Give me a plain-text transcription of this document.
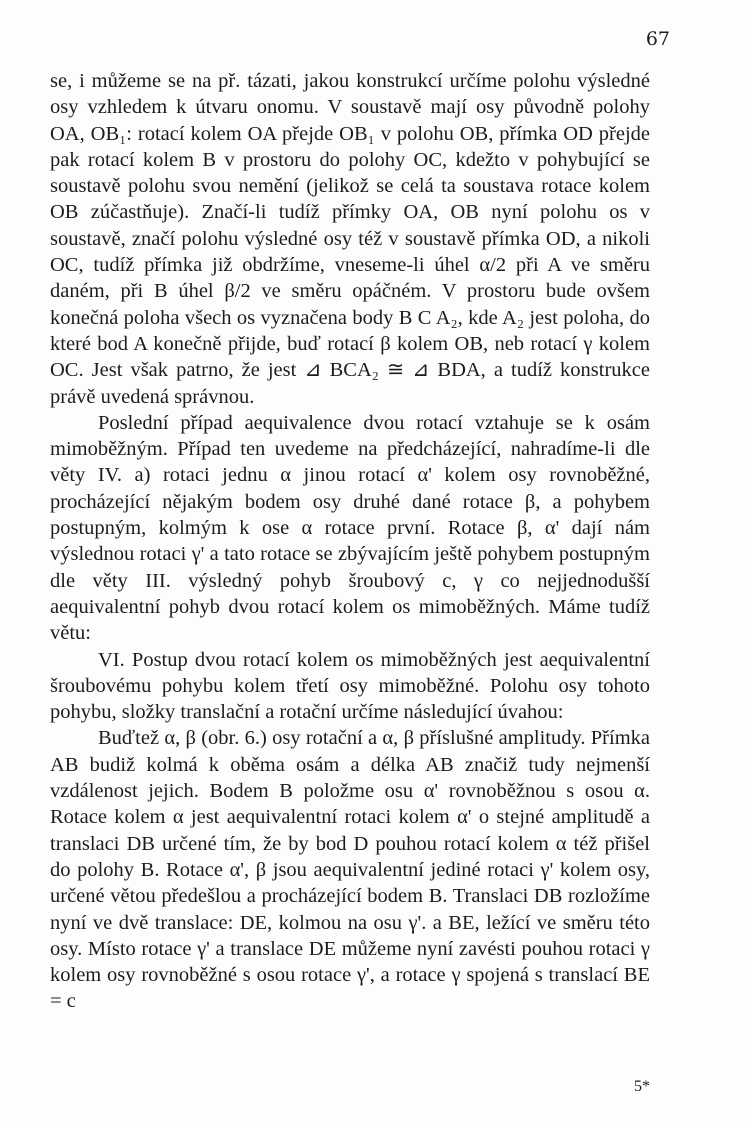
67

se, i můžeme se na př. tázati, jakou konstrukcí určíme polohu výsledné osy vzhledem k útvaru onomu. V soustavě mají osy původně polohy OA, OB₁: rotací kolem OA přejde OB₁ v polohu OB, přímka OD přejde pak rotací kolem B v prostoru do polohy OC, kdežto v pohybující se soustavě polohu svou nemění (jelikož se celá ta soustava rotace kolem OB zúčastňuje). Značí-li tudíž přímky OA, OB nyní polohu os v soustavě, značí polohu výsledné osy též v soustavě přímka OD, a nikoli OC, tudíž přímka již obdržíme, vneseme-li úhel α/2 při A ve směru daném, při B úhel β/2 ve směru opáčném. V prostoru bude ovšem konečná poloha všech os vyznačena body B C A₂, kde A₂ jest poloha, do které bod A konečně přijde, buď rotací β kolem OB, neb rotací γ kolem OC. Jest však patrno, že jest ⊿ BCA₂ ≅ ⊿ BDA, a tudíž konstrukce právě uvedená správnou.

Poslední případ aequivalence dvou rotací vztahuje se k osám mimoběžným. Případ ten uvedeme na předcházející, nahradíme-li dle věty IV. a) rotaci jednu α jinou rotací α' kolem osy rovnoběžné, procházející nějakým bodem osy druhé dané rotace β, a pohybem postupným, kolmým k ose α rotace první. Rotace β, α' dají nám výslednou rotaci γ' a tato rotace se zbývajícím ještě pohybem postupným dle věty III. výsledný pohyb šroubový c, γ co nejjednodušší aequivalentní pohyb dvou rotací kolem os mimoběžných. Máme tudíž větu:

VI. Postup dvou rotací kolem os mimoběžných jest aequivalentní šroubovému pohybu kolem třetí osy mimoběžné. Polohu osy tohoto pohybu, složky translační a rotační určíme následující úvahou:

Buďtež α, β (obr. 6.) osy rotační a α, β příslušné amplitudy. Přímka AB budiž kolmá k oběma osám a délka AB značiž tudy nejmenší vzdálenost jejich. Bodem B položme osu α' rovnoběžnou s osou α. Rotace kolem α jest aequivalentní rotaci kolem α' o stejné amplitudě a translaci DB určené tím, že by bod D pouhou rotací kolem α též přišel do polohy B. Rotace α', β jsou aequivalentní jediné rotaci γ' kolem osy, určené větou předešlou a procházející bodem B. Translaci DB rozložíme nyní ve dvě translace: DE, kolmou na osu γ'. a BE, ležící ve směru této osy. Místo rotace γ' a translace DE můžeme nyní zavésti pouhou rotaci γ kolem osy rovnoběžné s osou rotace γ', a rotace γ spojená s translací BE = c

5*
